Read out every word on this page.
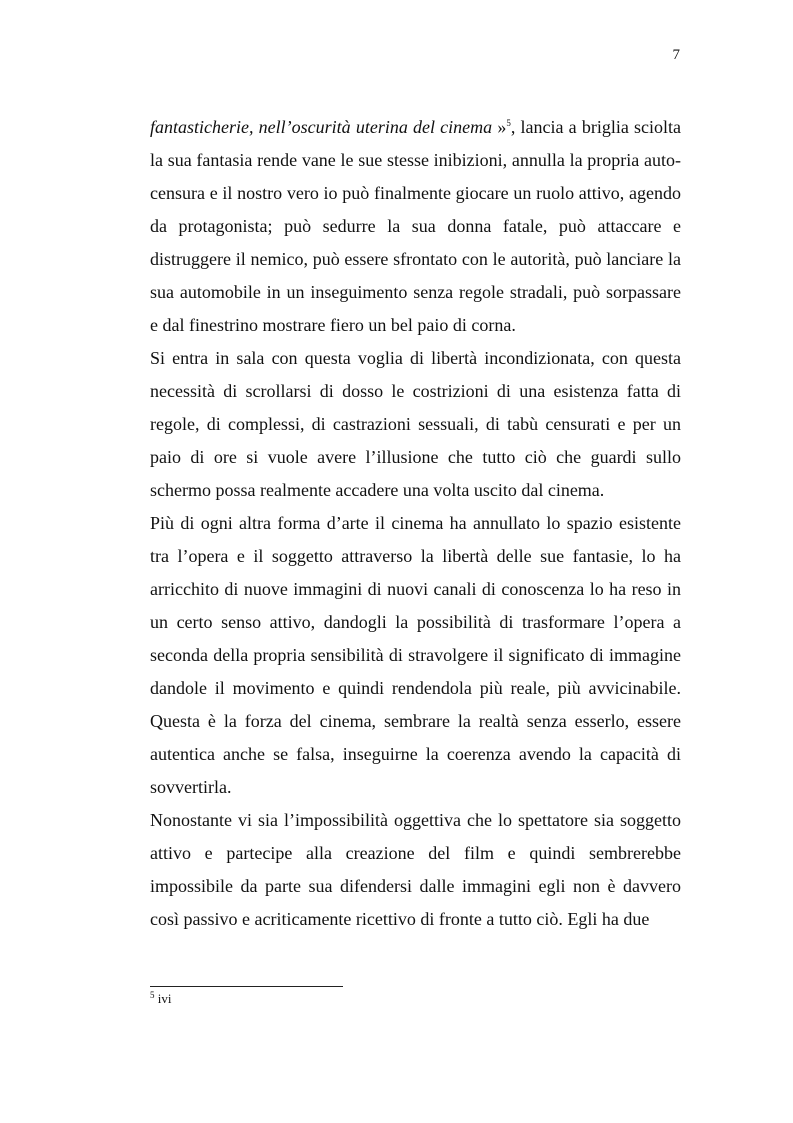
7

fantasticherie, nell’oscurità uterina del cinema »$^5$, lancia a briglia sciolta la sua fantasia rende vane le sue stesse inibizioni, annulla la propria auto-censura e il nostro vero io può finalmente giocare un ruolo attivo, agendo da protagonista; può sedurre la sua donna fatale, può attaccare e distruggere il nemico, può essere sfrontato con le autorità, può lanciare la sua automobile in un inseguimento senza regole stradali, può sorpassare e dal finestrino mostrare fiero un bel paio di corna.

Si entra in sala con questa voglia di libertà incondizionata, con questa necessità di scrollarsi di dosso le costrizioni di una esistenza fatta di regole, di complessi, di castrazioni sessuali, di tabù censurati e per un paio di ore si vuole avere l’illusione che tutto ciò che guardi sullo schermo possa realmente accadere una volta uscito dal cinema.

Più di ogni altra forma d’arte il cinema ha annullato lo spazio esistente tra l’opera e il soggetto attraverso la libertà delle sue fantasie, lo ha arricchito di nuove immagini di nuovi canali di conoscenza lo ha reso in un certo senso attivo, dandogli la possibilità di trasformare l’opera a seconda della propria sensibilità di stravolgere il significato di immagine dandole il movimento e quindi rendendola più reale, più avvicinabile. Questa è la forza del cinema, sembrare la realtà senza esserlo, essere autentica anche se falsa, inseguirne la coerenza avendo la capacità di sovvertirla.

Nonostante vi sia l’impossibilità oggettiva che lo spettatore sia soggetto attivo e partecipe alla creazione del film e quindi sembrerebbe impossibile da parte sua difendersi dalle immagini egli non è davvero così passivo e acriticamente ricettivo di fronte a tutto ciò. Egli ha due

$^5$ ivi
